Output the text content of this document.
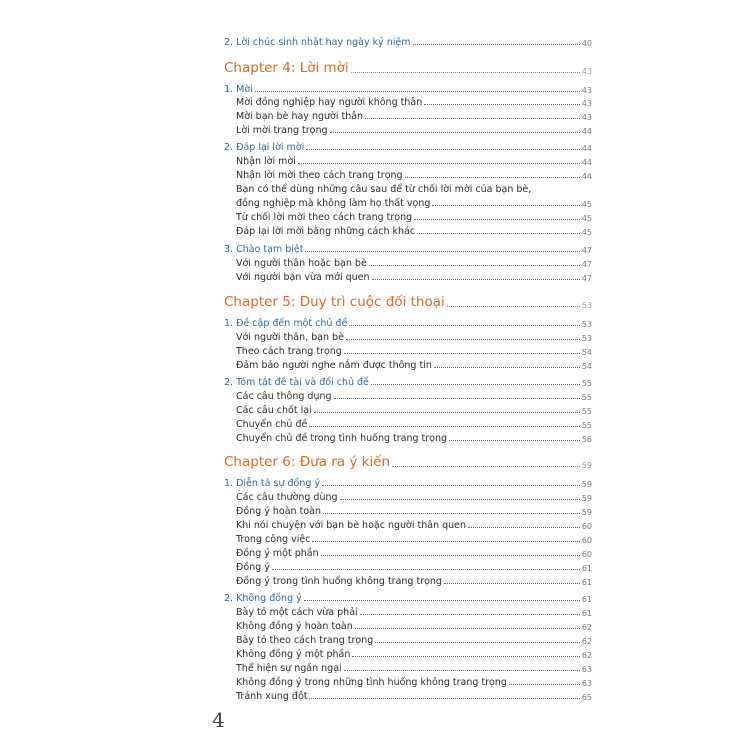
2. Lời chúc sinh nhật hay ngày kỷ niệm	40
Chapter 4: Lời mời	43
1. Mời	43
Mời đồng nghiệp hay người không thân	43
Mời bạn bè hay người thân	43
Lời mời trang trọng	44
2. Đáp lại lời mời	44
Nhận lời mời	44
Nhận lời mời theo cách trang trọng	44
Bạn có thể dùng những câu sau để từ chối lời mời của bạn bè,
đồng nghiệp mà không làm họ thất vọng	45
Từ chối lời mời theo cách trang trọng	45
Đáp lại lời mời bằng những cách khác	45
3. Chào tạm biệt	47
Với người thân hoặc bạn bè	47
Với người bạn vừa mới quen	47
Chapter 5: Duy trì cuộc đối thoại	53
1. Đề cập đến một chủ đề	53
Với người thân, bạn bè	53
Theo cách trang trọng	54
Đảm bảo người nghe nắm được thông tin	54
2. Tóm tắt đề tài và đổi chủ đề	55
Các câu thông dụng	55
Các câu chốt lại	55
Chuyển chủ đề	55
Chuyển chủ đề trong tình huống trang trọng	56
Chapter 6: Đưa ra ý kiến	59
1. Diễn tả sự đồng ý	59
Các câu thường dùng	59
Đồng ý hoàn toàn	59
Khi nói chuyện với bạn bè hoặc người thân quen	60
Trong công việc	60
Đồng ý một phần	60
Đồng ý	61
Đồng ý trong tình huống không trang trọng	61
2. Không đồng ý	61
Bày tỏ một cách vừa phải	61
Không đồng ý hoàn toàn	62
Bày tỏ theo cách trang trọng	62
Không đồng ý một phần	62
Thể hiện sự ngần ngại	63
Không đồng ý trong những tình huống không trang trọng	63
Tránh xung đột	65
4
